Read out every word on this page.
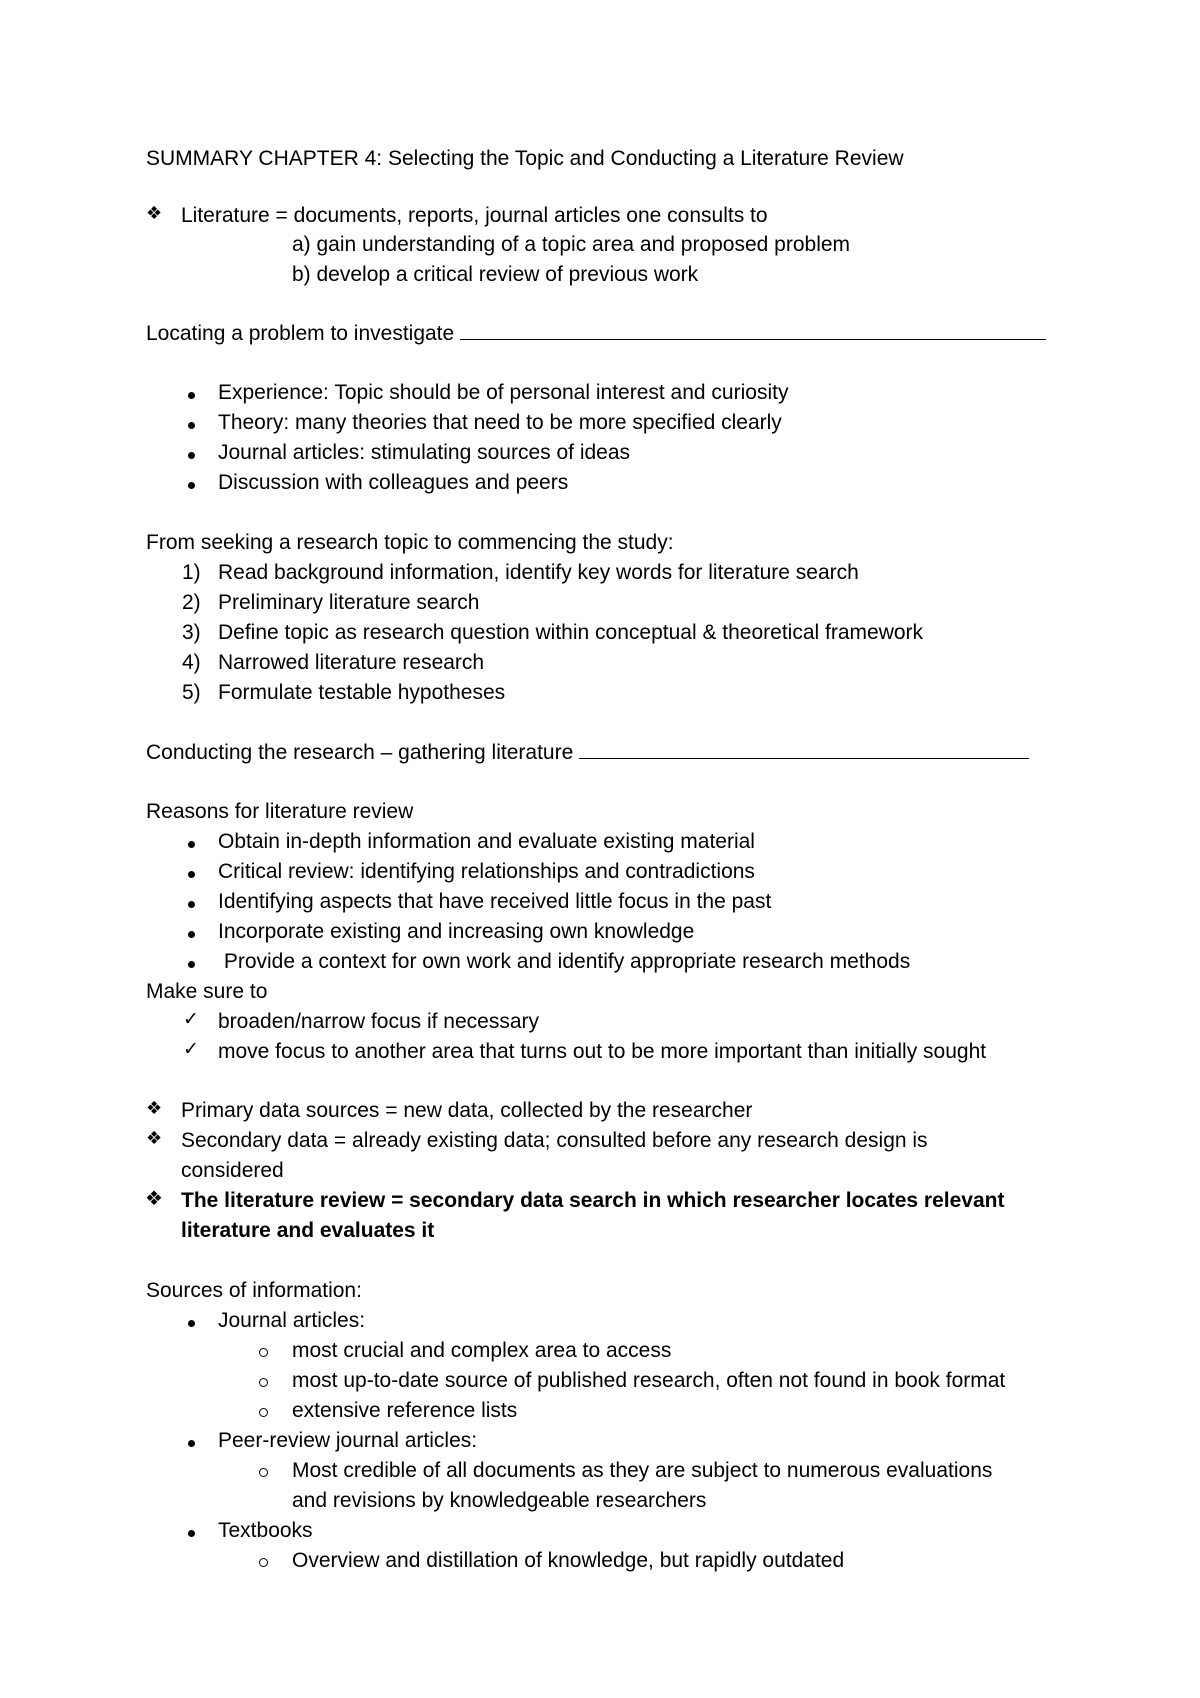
SUMMARY CHAPTER 4: Selecting the Topic and Conducting a Literature Review
❖ Literature = documents, reports, journal articles one consults to
a) gain understanding of a topic area and proposed problem
b) develop a critical review of previous work
Locating a problem to investigate
Experience: Topic should be of personal interest and curiosity
Theory: many theories that need to be more specified clearly
Journal articles: stimulating sources of ideas
Discussion with colleagues and peers
From seeking a research topic to commencing the study:
1) Read background information, identify key words for literature search
2) Preliminary literature search
3) Define topic as research question within conceptual & theoretical framework
4) Narrowed literature research
5) Formulate testable hypotheses
Conducting the research – gathering literature
Reasons for literature review
Obtain in-depth information and evaluate existing material
Critical review: identifying relationships and contradictions
Identifying aspects that have received little focus in the past
Incorporate existing and increasing own knowledge
Provide a context for own work and identify appropriate research methods
Make sure to
✓ broaden/narrow focus if necessary
✓ move focus to another area that turns out to be more important than initially sought
❖ Primary data sources = new data, collected by the researcher
❖ Secondary data = already existing data; consulted before any research design is
considered
❖ The literature review = secondary data search in which researcher locates relevant
literature and evaluates it
Sources of information:
Journal articles:
most crucial and complex area to access
most up-to-date source of published research, often not found in book format
extensive reference lists
Peer-review journal articles:
Most credible of all documents as they are subject to numerous evaluations
and revisions by knowledgeable researchers
Textbooks
Overview and distillation of knowledge, but rapidly outdated
